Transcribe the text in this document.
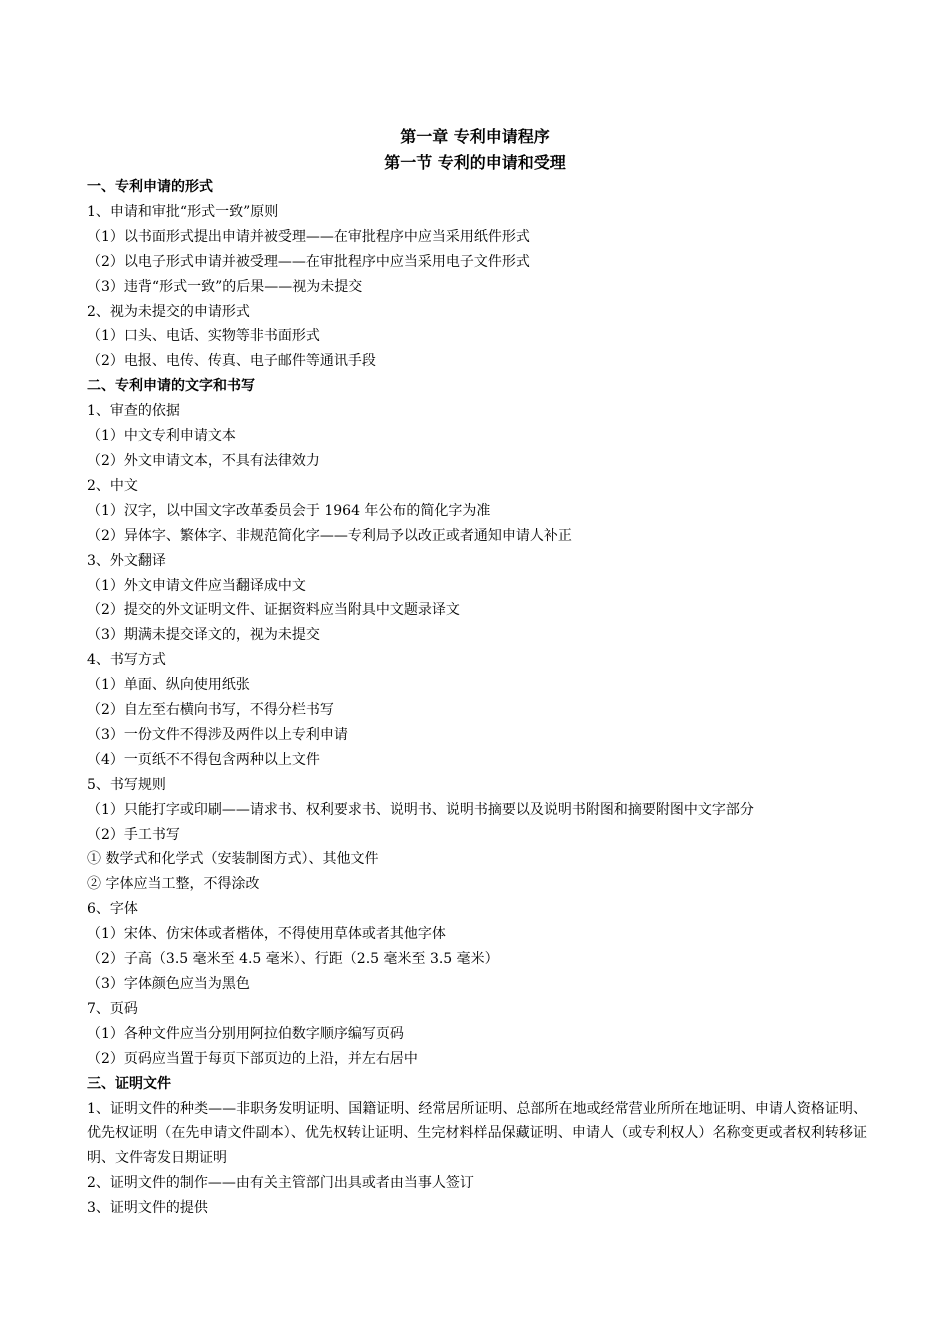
第一章 专利申请程序
第一节 专利的申请和受理
一、专利申请的形式
1、申请和审批“形式一致”原则
（1）以书面形式提出申请并被受理——在审批程序中应当采用纸件形式
（2）以电子形式申请并被受理——在审批程序中应当采用电子文件形式
（3）违背“形式一致”的后果——视为未提交
2、视为未提交的申请形式
（1）口头、电话、实物等非书面形式
（2）电报、电传、传真、电子邮件等通讯手段
二、专利申请的文字和书写
1、审查的依据
（1）中文专利申请文本
（2）外文申请文本，不具有法律效力
2、中文
（1）汉字，以中国文字改革委员会于 1964 年公布的简化字为准
（2）异体字、繁体字、非规范简化字——专利局予以改正或者通知申请人补正
3、外文翻译
（1）外文申请文件应当翻译成中文
（2）提交的外文证明文件、证据资料应当附具中文题录译文
（3）期满未提交译文的，视为未提交
4、书写方式
（1）单面、纵向使用纸张
（2）自左至右横向书写，不得分栏书写
（3）一份文件不得涉及两件以上专利申请
（4）一页纸不不得包含两种以上文件
5、书写规则
（1）只能打字或印刷——请求书、权利要求书、说明书、说明书摘要以及说明书附图和摘要附图中文字部分
（2）手工书写
① 数学式和化学式（安装制图方式）、其他文件
② 字体应当工整，不得涂改
6、字体
（1）宋体、仿宋体或者楷体，不得使用草体或者其他字体
（2）子高（3.5 毫米至 4.5 毫米）、行距（2.5 毫米至 3.5 毫米）
（3）字体颜色应当为黑色
7、页码
（1）各种文件应当分别用阿拉伯数字顺序编写页码
（2）页码应当置于每页下部页边的上沿，并左右居中
三、证明文件
1、证明文件的种类——非职务发明证明、国籍证明、经常居所证明、总部所在地或经常营业所所在地证明、申请人资格证明、优先权证明（在先申请文件副本）、优先权转让证明、生完材料样品保藏证明、申请人（或专利权人）名称变更或者权利转移证明、文件寄发日期证明
2、证明文件的制作——由有关主管部门出具或者由当事人签订
3、证明文件的提供
